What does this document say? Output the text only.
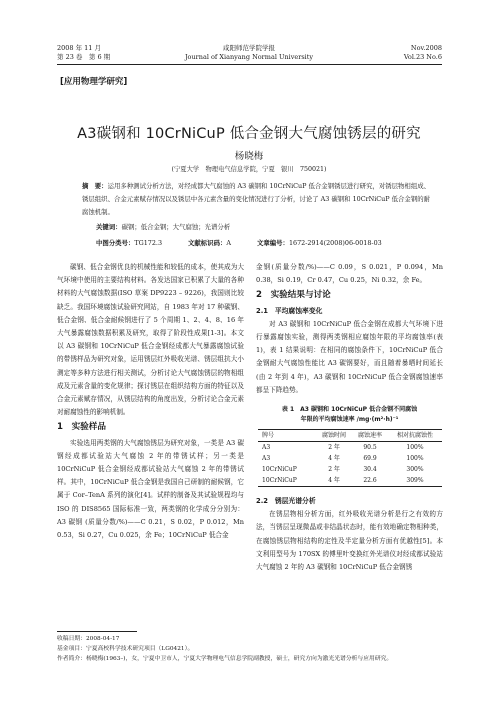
2008 年 11 月
第 23 卷　第 6 期
咸阳师范学院学报
Journal of Xianyang Normal University
Nov.2008
Vol.23 No.6
[应用物理学研究]
A3碳钢和 10CrNiCuP 低合金钢大气腐蚀锈层的研究
杨晓梅
(宁夏大学　物理电气信息学院，宁夏　银川　750021)
摘　要：运用多种测试分析方法，对经成都大气腐蚀的 A3 碳钢和 10CrNiCuP 低合金钢锈层进行研究，对锈层物相组成、锈层组织、合金元素赋存情况以及锈层中各元素含量的变化情况进行了分析，讨论了 A3 碳钢和 10CrNiCuP 低合金钢的耐腐蚀机制。
关键词：碳钢；低合金钢；大气腐蚀；光谱分析
中图分类号：TG172.3	文献标识码：A	文章编号：1672-2914(2008)06-0018-03

碳钢、低合金钢优良的机械性能和较低的成本，使其成为大气环境中使用的主要结构材料。各发达国家已积累了大量的各种材料的大气腐蚀数据(ISO 草案 DP9223 – 9226)，我国则比较缺乏。我国环境腐蚀试验研究网站，自 1983 年对 17 种碳钢、低合金钢、低合金耐候钢进行了 5 个周期 1、2、4、8、16 年大气暴露腐蚀数据积累及研究，取得了阶段性成果[1-3]。本文以 A3 碳钢和 10CrNiCuP 低合金钢经成都大气暴露腐蚀试验的带锈样品为研究对象，运用锈层红外吸收光谱、锈层组抗大小测定等多种方法进行相关测试，分析讨论大气腐蚀锈层的物相组成及元素含量的变化规律；探讨锈层在组织结构方面的特征以及合金元素赋存情况，从锈层结构的角度出发，分析讨论合金元素对耐腐蚀性的影响机制。

1　实验样品

实验选用两类钢的大气腐蚀锈层为研究对象，一类是 A3 碳钢经成都试验站大气腐蚀 2 年的带锈试样；另一类是 10CrNiCuP 低合金钢经成都试验站大气腐蚀 2 年的带锈试样。其中，10CrNiCuP 低合金钢是我国自己研制的耐候钢，它属于 Cor–TenA 系列的演化[4]。试样的制备及其试验规程均与 ISO 的 DIS8565 国际标准一致，两类钢的化学成分分别为：A3 碳钢 (质量分数/%)——C 0.21，S 0.02，P 0.012，Mn 0.53，Si 0.27，Cu 0.025，余 Fe；10CrNiCuP 低合金

金钢(质量分数/%)——C 0.09，S 0.021，P 0.094，Mn 0.38，Si 0.19，Cr 0.47，Cu 0.25，Ni 0.32，余 Fe。

2　实验结果与讨论
2.1　平均腐蚀率变化

对 A3 碳钢和 10CrNiCuP 低合金钢在成都大气环境下进行暴露腐蚀实验，测得两类钢相应腐蚀年限的平均腐蚀率(表 1)，表 1 结果说明：在相同的腐蚀条件下，10CrNiCuP 低合金钢耐大气腐蚀性能比 A3 碳钢要好，而且随着暴晒时间延长 (由 2 年到 4 年)，A3 碳钢和 10CrNiCuP 低合金钢腐蚀速率都呈下降趋势。

表 1　A3 碳钢和 10CrNiCuP 低合金钢不同腐蚀
年限的平均腐蚀速率 /mg·(m²·h)⁻¹
牌号	腐蚀时间	腐蚀速率	相对抗腐蚀性
A3	2 年	90.5	100%
A3	4 年	69.9	100%
10CrNiCuP	2 年	30.4	300%
10CrNiCuP	4 年	22.6	309%
2.2　锈层光谱分析

在锈层物相分析方面，红外吸收光谱分析是行之有效的方法，当锈层呈现微晶或非结晶状态时，能有效地确定物相种类，在腐蚀锈层物相结构的定性及半定量分析方面有优越性[5]。本文利用型号为 170SX 的傅里叶变换红外光谱仪对经成都试验站大气腐蚀 2 年的 A3 碳钢和 10CrNiCuP 低合金钢锈

收稿日期：2008-04-17
基金项目：宁夏高校科学技术研究项目（LG0421）。
作者简介：杨晓梅(1963–)，女，宁夏中卫市人，宁夏大学物理电气信息学院副教授，硕士，研究方向为激光光谱分析与应用研究。
